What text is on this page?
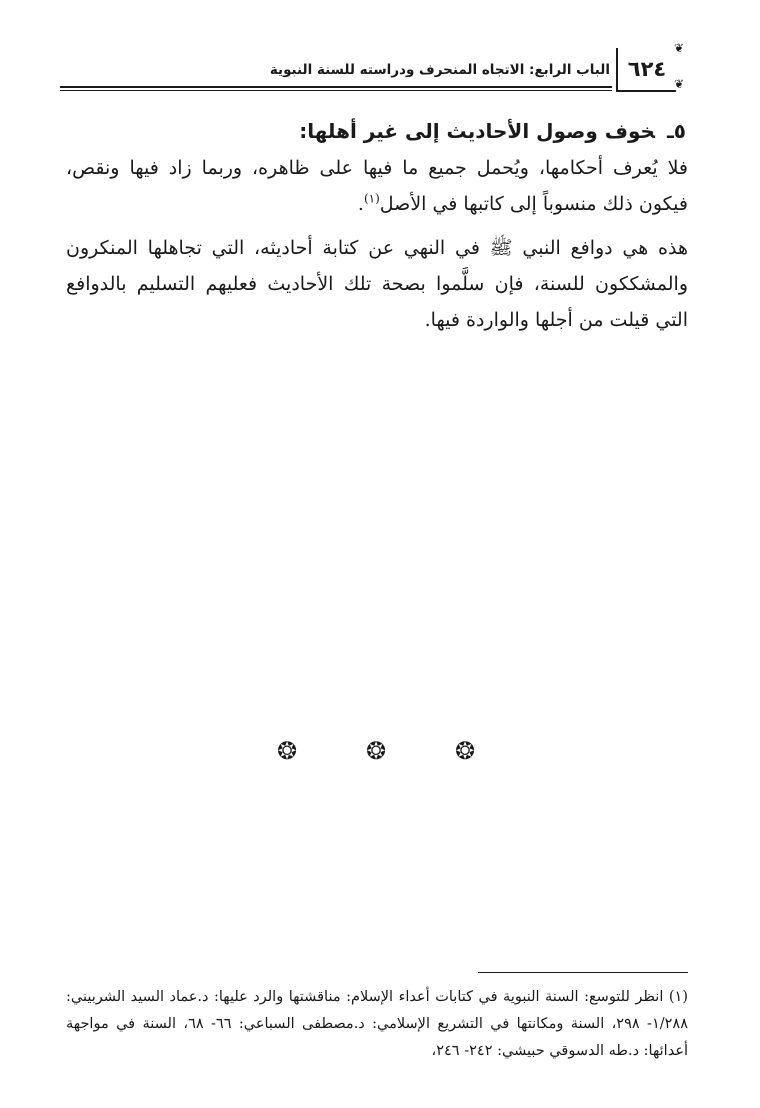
الباب الرابع: الاتجاه المنحرف ودراسته للسنة النبوية ٦٢٤
❦
❦
٥ـخوف وصول الأحاديث إلى غير أهلها:

فلا يُعرف أحكامها، ويُحمل جميع ما فيها على ظاهره، وربما زاد فيها ونقص، فيكون ذلك منسوباً إلى كاتبها في الأصل$^{(١)}$.

هذه هي دوافع النبي ﷺ في النهي عن كتابة أحاديثه، التي تجاهلها المنكرون والمشككون للسنة، فإن سلَّموا بصحة تلك الأحاديث فعليهم التسليم بالدوافع التي قيلت من أجلها والواردة فيها.

❂	❂	❂
(١) انظر للتوسع: السنة النبوية في كتابات أعداء الإسلام: مناقشتها والرد عليها: د.عماد السيد الشربيني: ١/٢٨٨- ٢٩٨، السنة ومكانتها في التشريع الإسلامي: د.مصطفى السباعي: ٦٦- ٦٨، السنة في مواجهة أعدائها: د.طه الدسوقي حبيشي: ٢٤٢- ٢٤٦،
